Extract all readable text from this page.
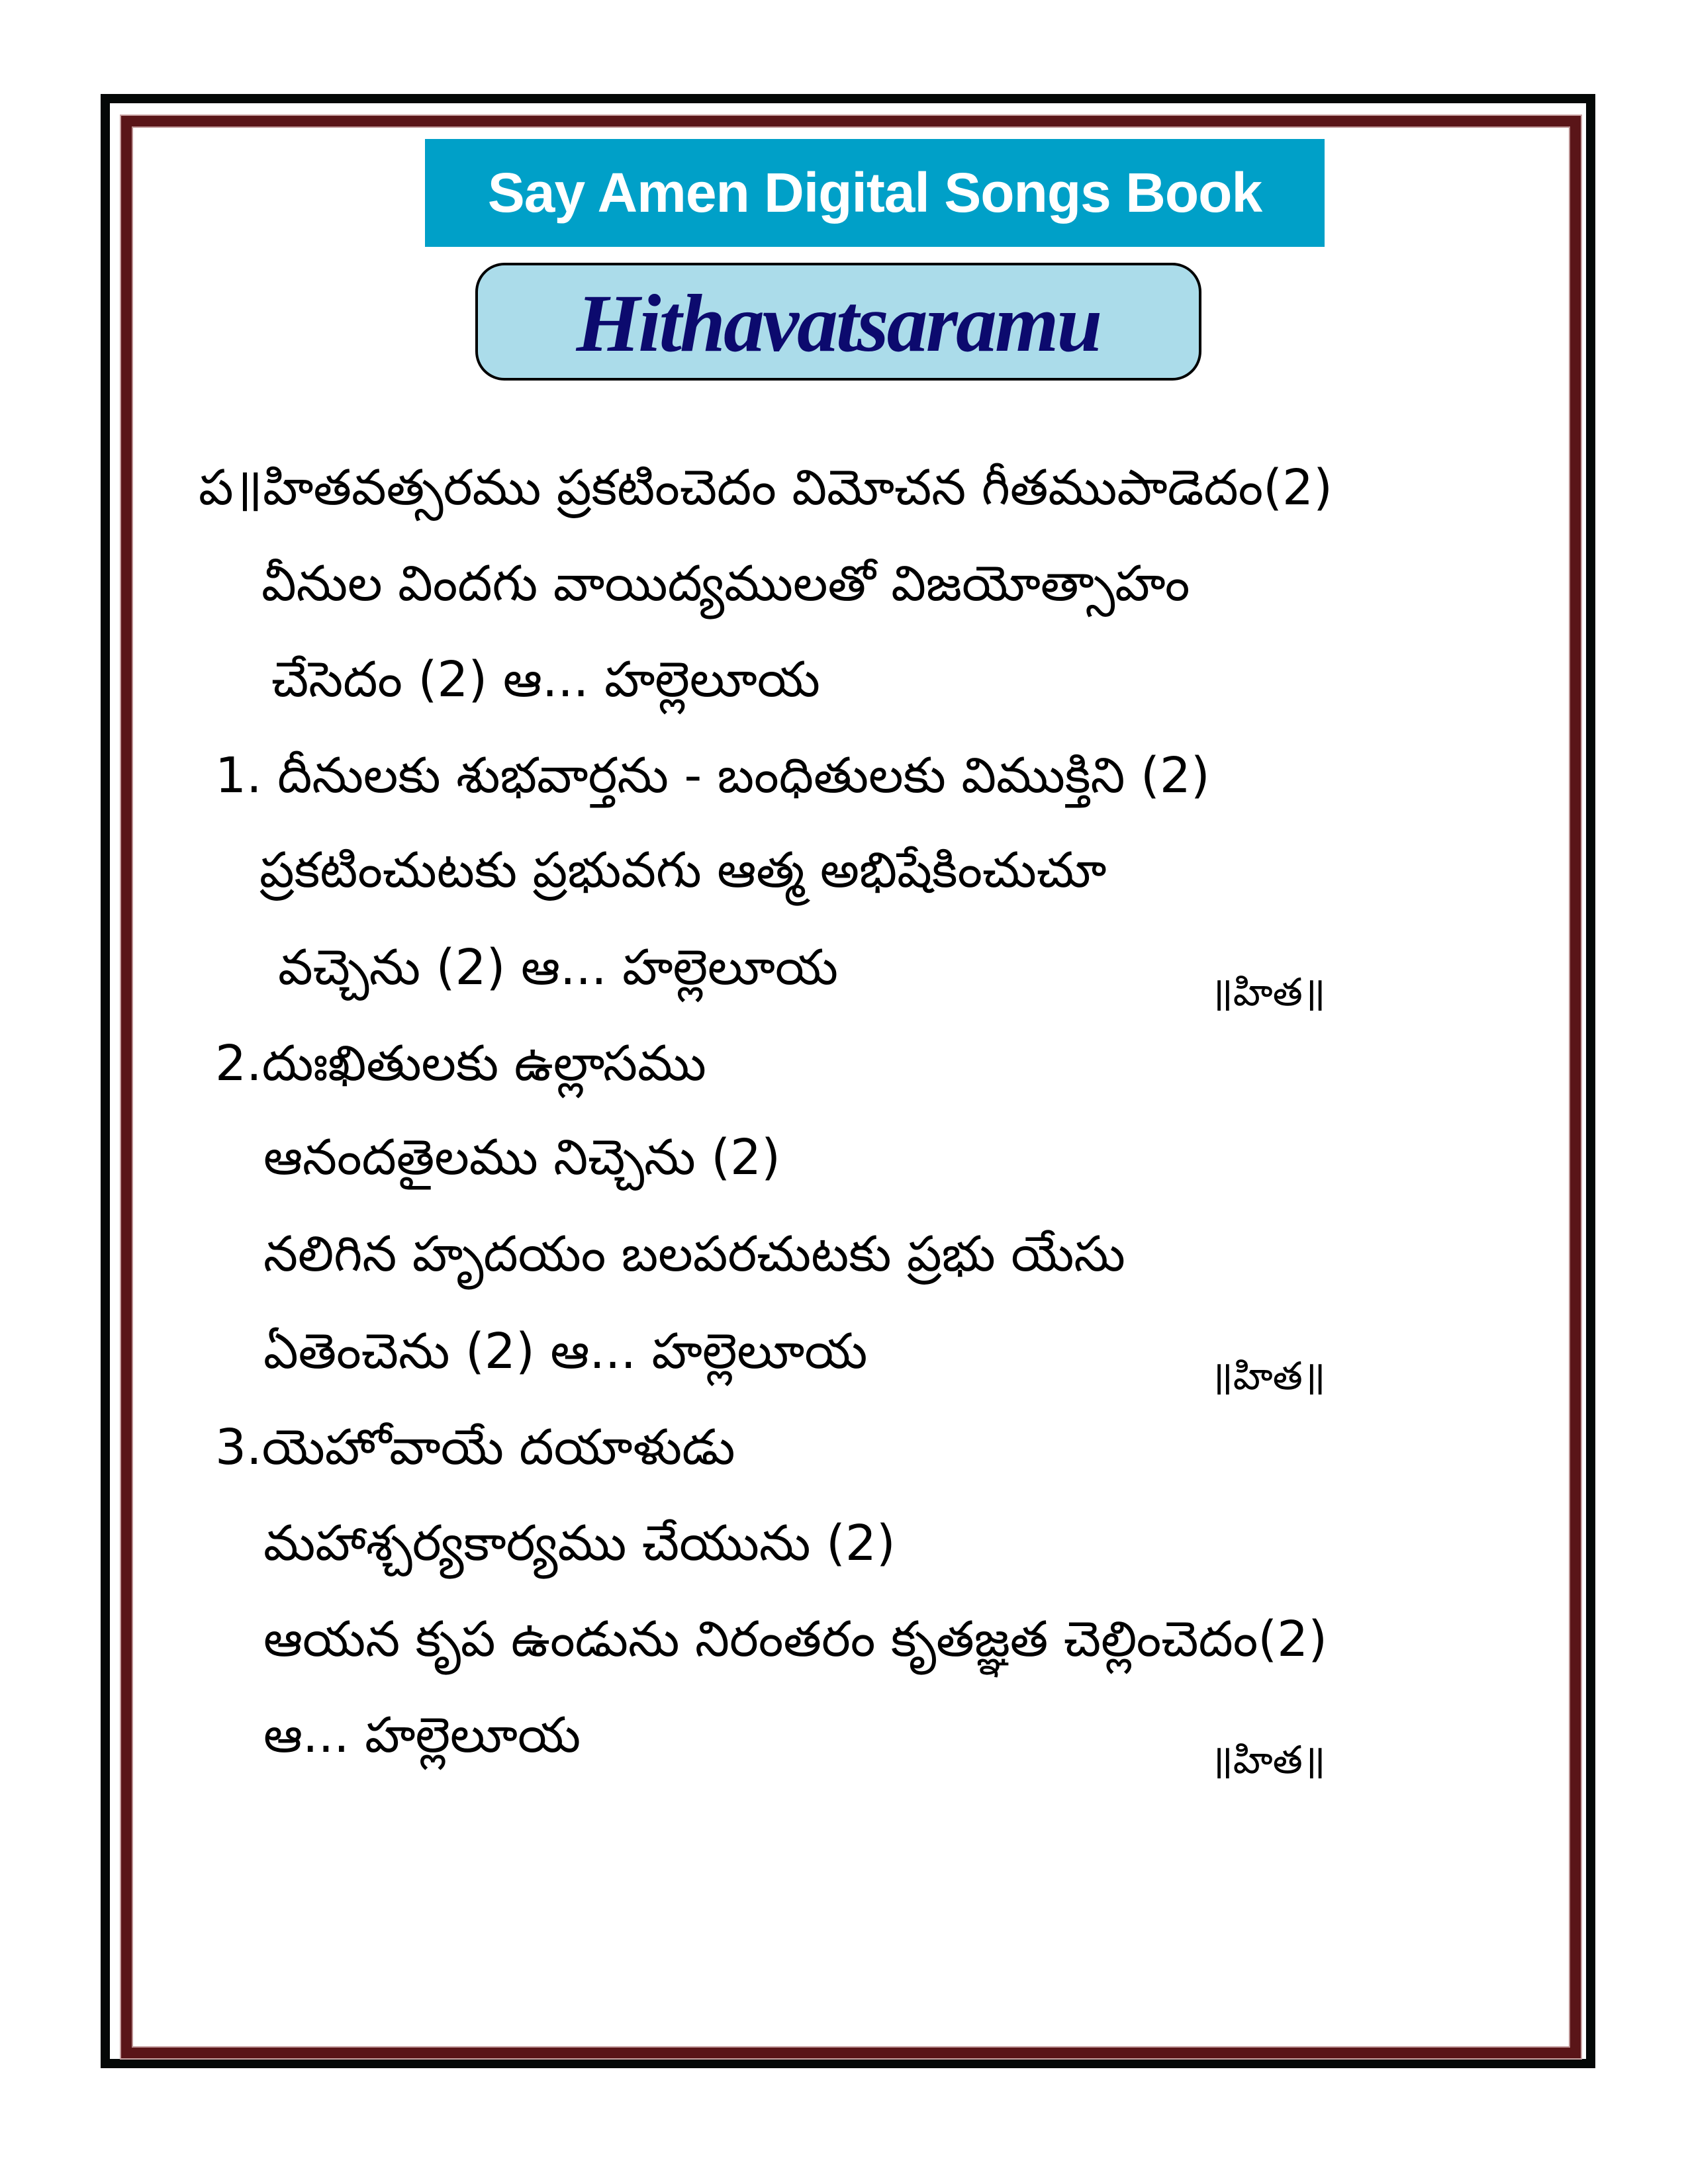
Say Amen Digital Songs Book
Hithavatsaramu
ప॥హితవత్సరము ప్రకటించెదం విమోచన గీతముపాడెదం(2)
వీనుల విందగు వాయిద్యములతో విజయోత్సాహం
చేసెదం (2) ఆ... హల్లెలూయ
1. దీనులకు శుభవార్తను - బంధితులకు విముక్తిని (2)
ప్రకటించుటకు ప్రభువగు ఆత్మ అభిషేకించుచూ
వచ్చెను (2) ఆ... హల్లెలూయ	॥హిత॥
2.దుఃఖితులకు ఉల్లాసము
ఆనందతైలము నిచ్చెను (2)
నలిగిన హృదయం బలపరచుటకు ప్రభు యేసు
ఏతెంచెను (2) ఆ... హల్లెలూయ	॥హిత॥
3.యెహోవాయే దయాళుడు
మహాశ్చర్యకార్యము చేయును (2)
ఆయన కృప ఉండును నిరంతరం కృతజ్ఞత చెల్లించెదం(2)
ఆ... హల్లెలూయ	॥హిత॥
